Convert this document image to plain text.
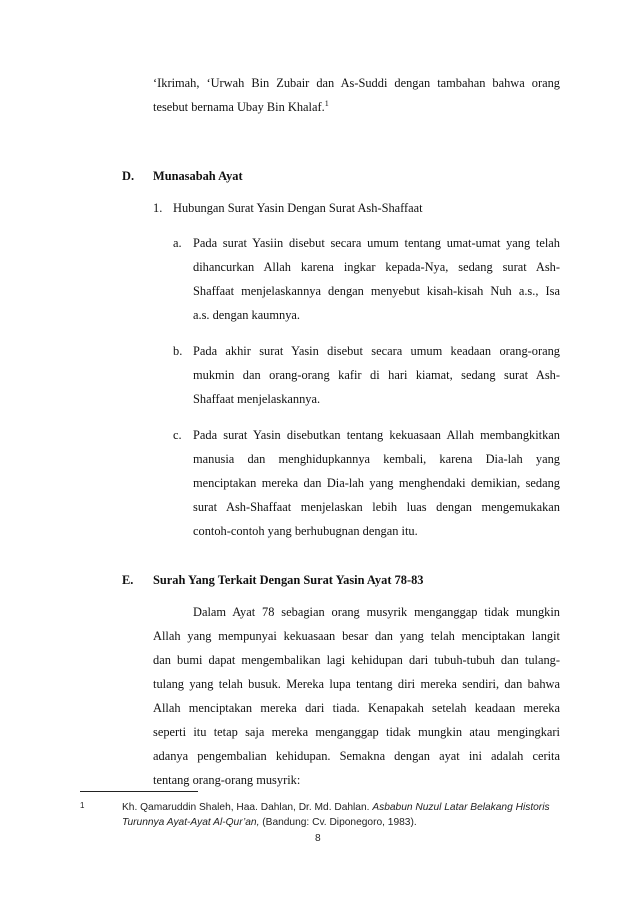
‘Ikrimah, ‘Urwah Bin Zubair dan As-Suddi dengan tambahan bahwa orang
tesebut bernama Ubay Bin Khalaf.$^1$
D. Munasabah Ayat
1. Hubungan Surat Yasin Dengan Surat Ash-Shaffaat
a. Pada surat Yasiin disebut secara umum tentang umat-umat yang telah
dihancurkan Allah karena ingkar kepada-Nya, sedang surat Ash-
Shaffaat menjelaskannya dengan menyebut kisah-kisah Nuh a.s., Isa
a.s. dengan kaumnya.
b. Pada akhir surat Yasin disebut secara umum keadaan orang-orang
mukmin dan orang-orang kafir di hari kiamat, sedang surat Ash-
Shaffaat menjelaskannya.
c. Pada surat Yasin disebutkan tentang kekuasaan Allah membangkitkan
manusia dan menghidupkannya kembali, karena Dia-lah yang
menciptakan mereka dan Dia-lah yang menghendaki demikian, sedang
surat Ash-Shaffaat menjelaskan lebih luas dengan mengemukakan
contoh-contoh yang berhubugnan dengan itu.
E. Surah Yang Terkait Dengan Surat Yasin Ayat 78-83
Dalam Ayat 78 sebagian orang musyrik menganggap tidak mungkin
Allah yang mempunyai kekuasaan besar dan yang telah menciptakan langit
dan bumi dapat mengembalikan lagi kehidupan dari tubuh-tubuh dan tulang-
tulang yang telah busuk. Mereka lupa tentang diri mereka sendiri, dan bahwa
Allah menciptakan mereka dari tiada. Kenapakah setelah keadaan mereka
seperti itu tetap saja mereka menganggap tidak mungkin atau mengingkari
adanya pengembalian kehidupan. Semakna dengan ayat ini adalah cerita
tentang orang-orang musyrik:
1	Kh. Qamaruddin Shaleh, Haa. Dahlan, Dr. Md. Dahlan. Asbabun Nuzul Latar Belakang Historis
Turunnya Ayat-Ayat Al-Qur’an, (Bandung: Cv. Diponegoro, 1983).
8
